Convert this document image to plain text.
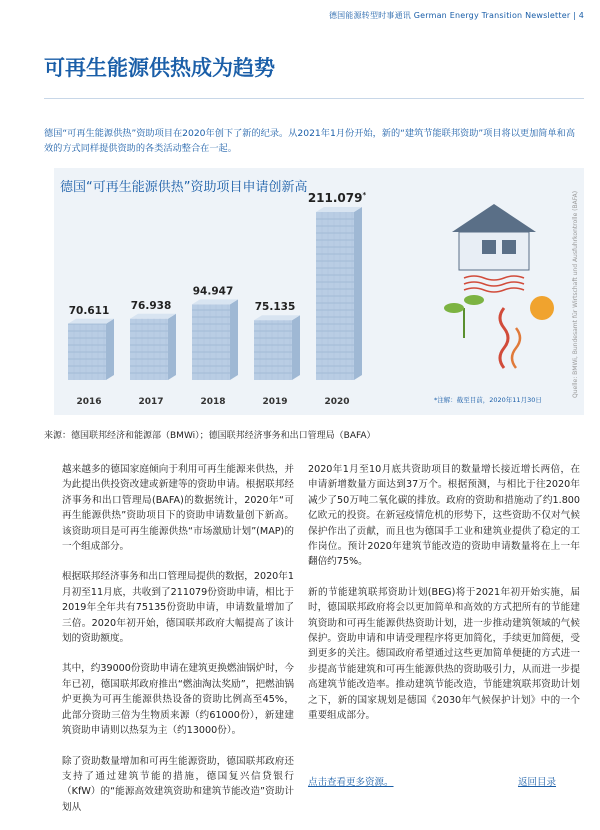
德国能源转型时事通讯 German Energy Transition Newsletter | 4
可再生能源供热成为趋势
德国“可再生能源供热”资助项目在2020年创下了新的纪录。从2021年1月份开始，新的“建筑节能联邦资助”项目将以更加简单和高效的方式同样提供资助的各类活动整合在一起。
70.611
2016
76.938
2017
94.947
2018
75.135
2019
211.079*
2020
德国“可再生能源供热”资助项目申请创新高
*注解：截至目前，2020年11月30日
Quelle: BMWi, Bundesamt für Wirtschaft und Ausfuhrkontrolle (BAFA)
来源：德国联邦经济和能源部（BMWi）；德国联邦经济事务和出口管理局（BAFA）

越来越多的德国家庭倾向于利用可再生能源来供热，并为此提出供投资改建或新建等的资助申请。根据联邦经济事务和出口管理局(BAFA)的数据统计，2020年“可再生能源供热”资助项目下的资助申请数量创下新高。该资助项目是可再生能源供热“市场激励计划”(MAP)的一个组成部分。

根据联邦经济事务和出口管理局提供的数据，2020年1月初至11月底，共收到了211079份资助申请，相比于2019年全年共有75135份资助申请，申请数量增加了三倍。2020年初开始，德国联邦政府大幅提高了该计划的资助额度。

其中，约39000份资助申请在建筑更换燃油锅炉时，今年已初，德国联邦政府推出“燃油淘汰奖励”，把燃油锅炉更换为可再生能源供热设备的资助比例高至45%，此部分资助三倍为生物质来源（约61000份），新建建筑资助申请则以热泵为主（约13000份）。

除了资助数量增加和可再生能源资助，德国联邦政府还支持了通过建筑节能的措施，德国复兴信贷银行（KfW）的“能源高效建筑资助和建筑节能改造”资助计划从

2020年1月至10月底共资助项目的数量增长接近增长两倍，在申请新增数量方面达到37万个。根据预测，与相比于往2020年减少了50万吨二氧化碳的排放。政府的资助和措施动了约1.800亿欧元的投资。在新冠疫情危机的形势下，这些资助不仅对气候保护作出了贡献，而且也为德国手工业和建筑业提供了稳定的工作岗位。预计2020年建筑节能改造的资助申请数量将在上一年翻倍约75%。

新的节能建筑联邦资助计划(BEG)将于2021年初开始实施，届时，德国联邦政府将会以更加简单和高效的方式把所有的节能建筑资助和可再生能源供热资助计划，进一步推动建筑领域的气候保护。资助申请和申请受理程序将更加简化，手续更加简便，受到更多的关注。德国政府希望通过这些更加简单便捷的方式进一步提高节能建筑和可再生能源供热的资助吸引力，从而进一步提高建筑节能改造率。推动建筑节能改造，节能建筑联邦资助计划之下，新的国家规划是德国《2030年气候保护计划》中的一个重要组成部分。

点击查看更多资源。	返回目录
